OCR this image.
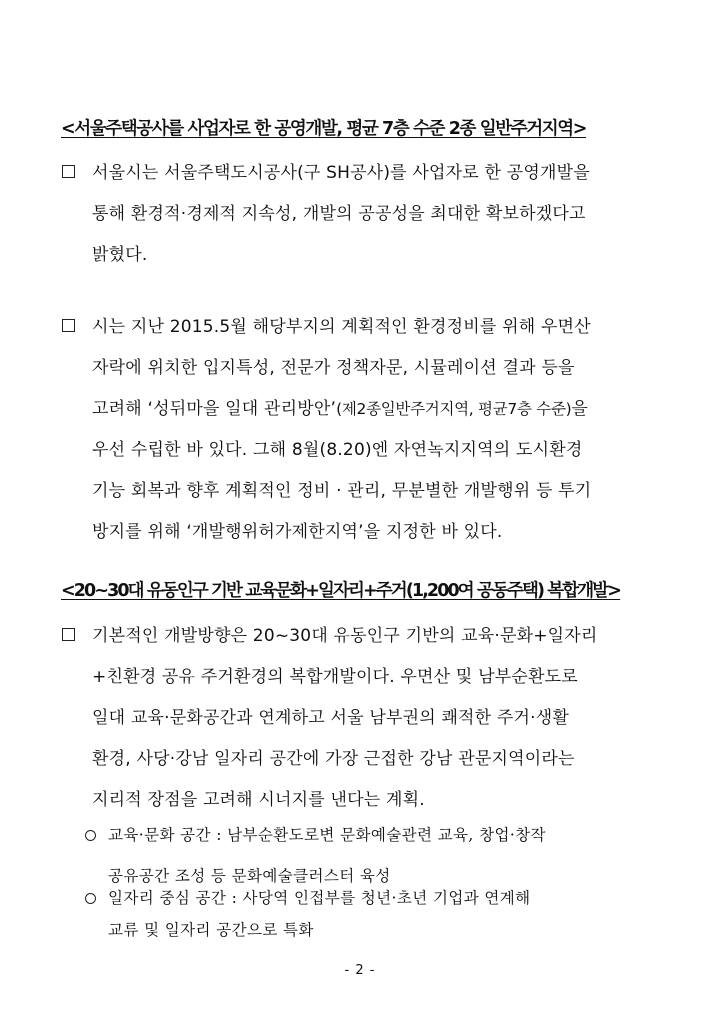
<서울주택공사를 사업자로 한 공영개발, 평균 7층 수준 2종 일반주거지역>
서울시는 서울주택도시공사(구 SH공사)를 사업자로 한 공영개발을
통해 환경적·경제적 지속성, 개발의 공공성을 최대한 확보하겠다고
밝혔다.
시는 지난 2015.5월 해당부지의 계획적인 환경정비를 위해 우면산
자락에 위치한 입지특성, 전문가 정책자문, 시뮬레이션 결과 등을
고려해 ‘성뒤마을 일대 관리방안’(제2종일반주거지역, 평균7층 수준)을
우선 수립한 바 있다. 그해 8월(8.20)엔 자연녹지지역의 도시환경
기능 회복과 향후 계획적인 정비 · 관리, 무분별한 개발행위 등 투기
방지를 위해 ‘개발행위허가제한지역’을 지정한 바 있다.
<20~30대 유동인구 기반 교육문화+일자리+주거(1,200여 공동주택) 복합개발>
기본적인 개발방향은 20~30대 유동인구 기반의 교육·문화+일자리
+친환경 공유 주거환경의 복합개발이다. 우면산 및 남부순환도로
일대 교육·문화공간과 연계하고 서울 남부권의 쾌적한 주거·생활
환경, 사당·강남 일자리 공간에 가장 근접한 강남 관문지역이라는
지리적 장점을 고려해 시너지를 낸다는 계획.
교육·문화 공간 : 남부순환도로변 문화예술관련 교육, 창업·창작
공유공간 조성 등 문화예술클러스터 육성
일자리 중심 공간 : 사당역 인접부를 청년·초년 기업과 연계해
교류 및 일자리 공간으로 특화
- 2 -
